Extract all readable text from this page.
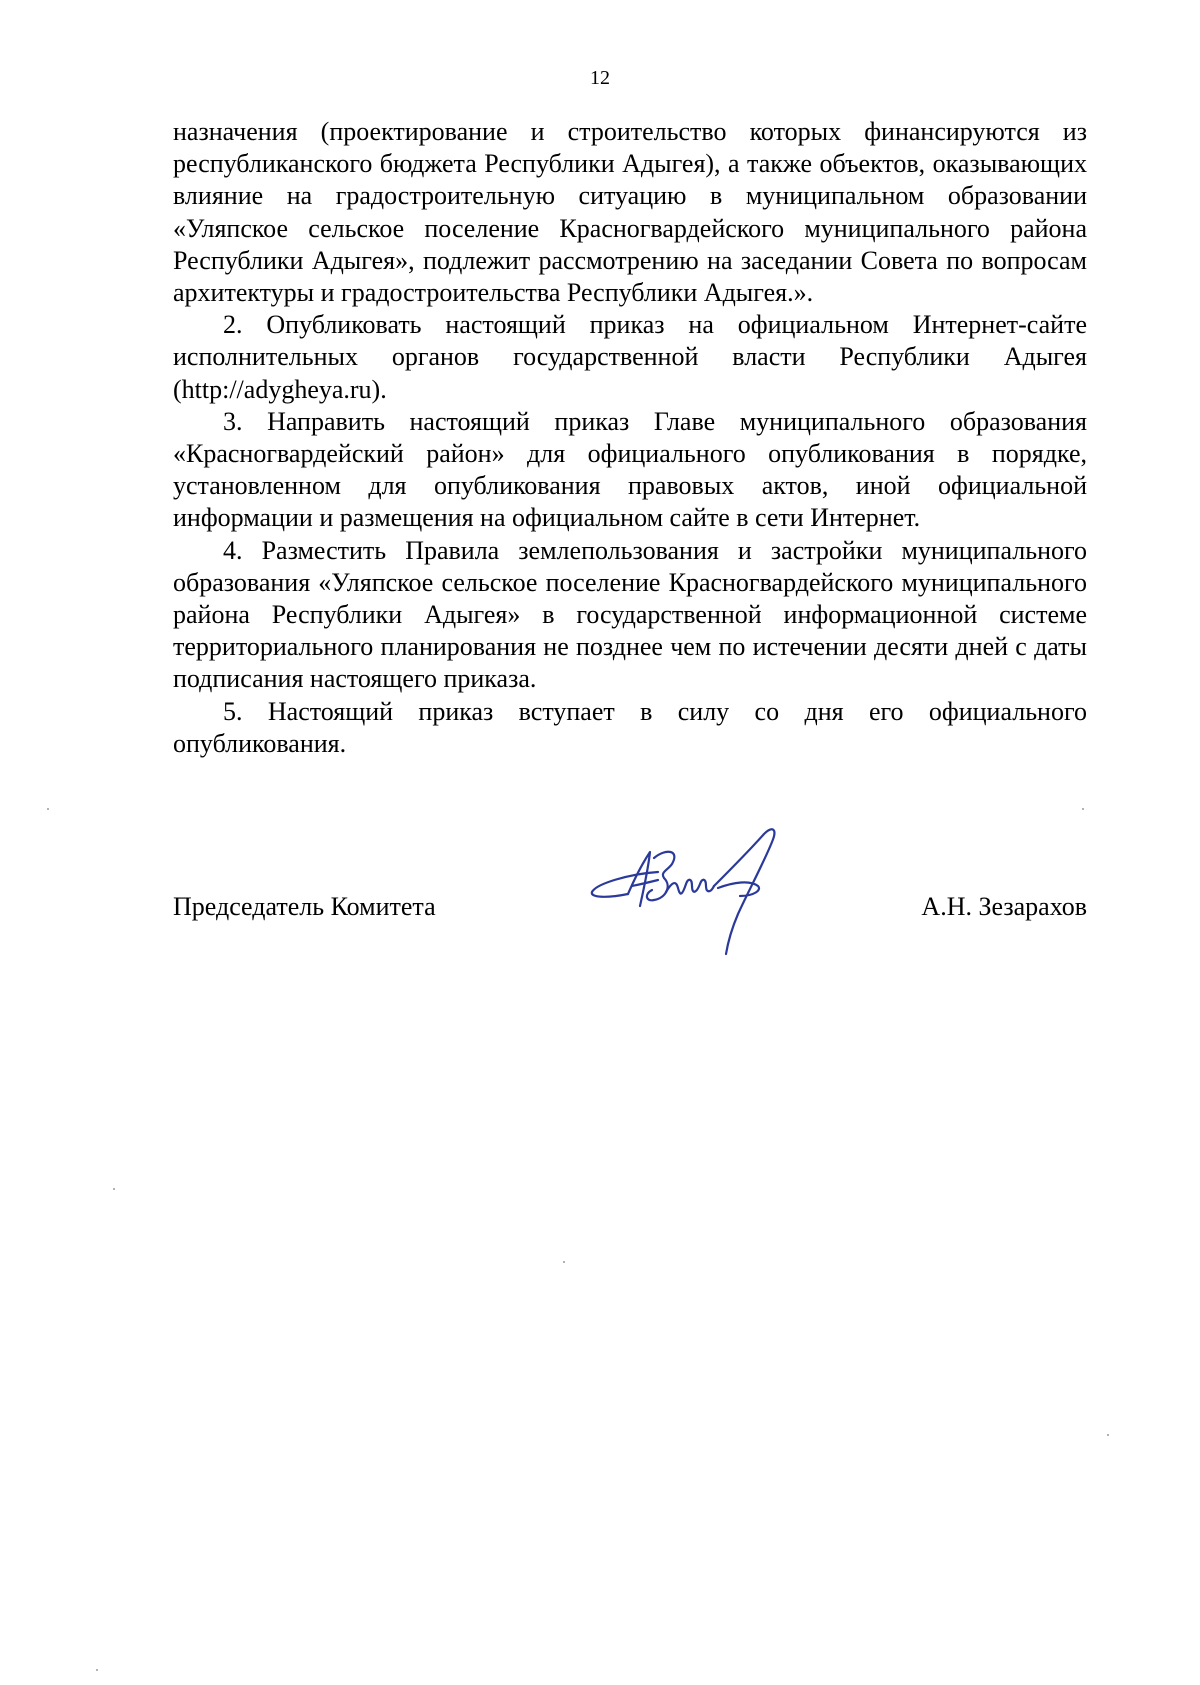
12

назначения (проектирование и строительство которых финансируются из республиканского бюджета Республики Адыгея), а также объектов, оказывающих влияние на градостроительную ситуацию в муниципальном образовании «Уляпское сельское поселение Красногвардейского муниципального района Республики Адыгея», подлежит рассмотрению на заседании Совета по вопросам архитектуры и градостроительства Республики Адыгея.».

2. Опубликовать настоящий приказ на официальном Интернет-сайте исполнительных органов государственной власти Республики Адыгея (http://adygheya.ru).

3. Направить настоящий приказ Главе муниципального образования «Красногвардейский район» для официального опубликования в порядке, установленном для опубликования правовых актов, иной официальной информации и размещения на официальном сайте в сети Интернет.

4. Разместить Правила землепользования и застройки муниципального образования «Уляпское сельское поселение Красногвардейского муниципального района Республики Адыгея» в государственной информационной системе территориального планирования не позднее чем по истечении десяти дней с даты подписания настоящего приказа.

5. Настоящий приказ вступает в силу со дня его официального опубликования.

Председатель Комитета	А.Н. Зезарахов
